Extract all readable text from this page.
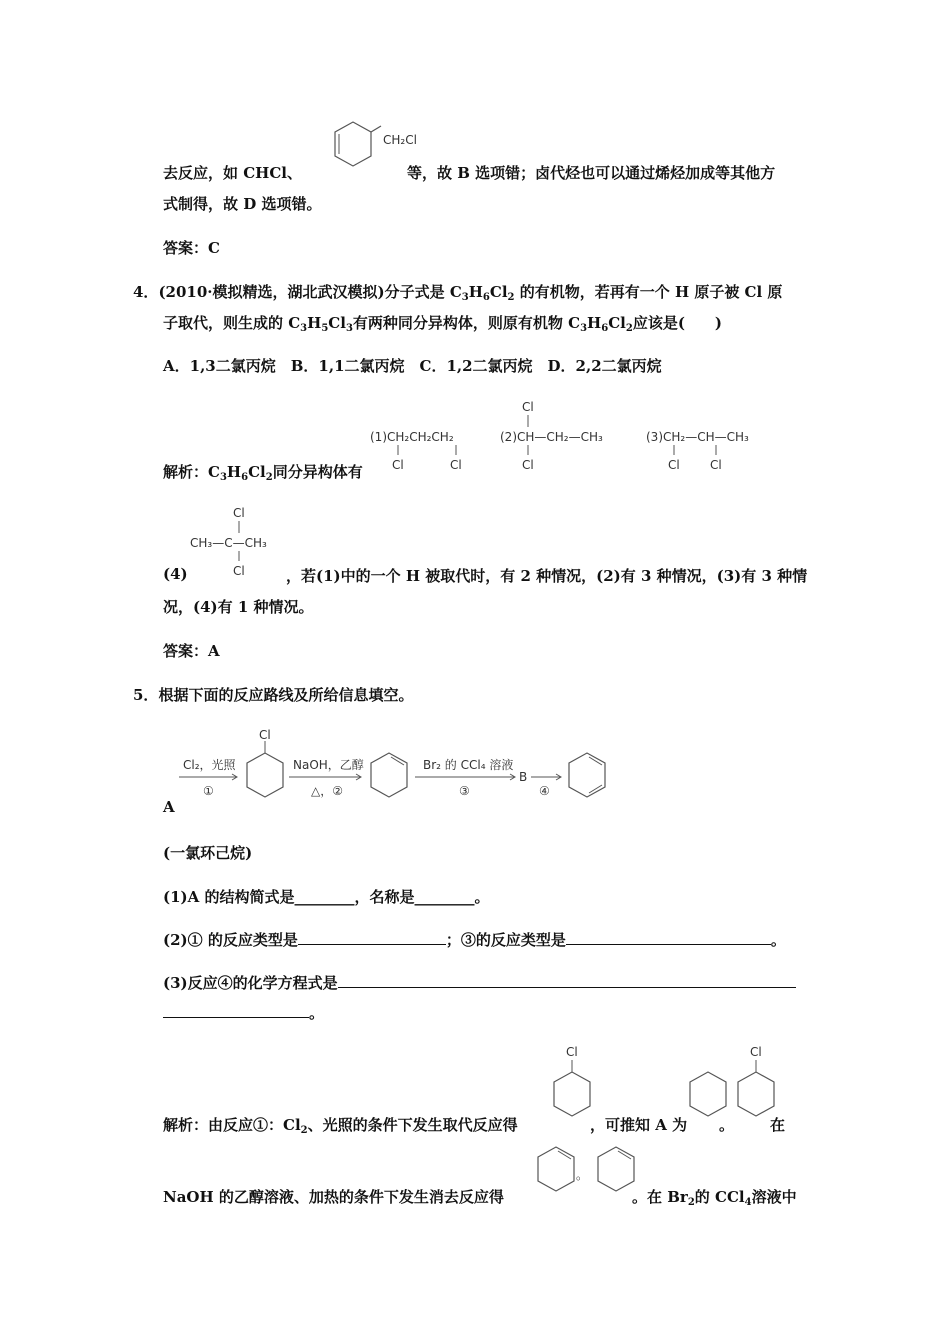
CH₂Cl
去反应，如 CHCl、	等，故 B 选项错；卤代烃也可以通过烯烃加成等其他方
式制得，故 D 选项错。
答案：C
4．(2010·模拟精选，湖北武汉模拟)分子式是 $C_3H_6Cl_2$ 的有机物，若再有一个 H 原子被 Cl 原
子取代，则生成的 $C_3H_5Cl_3$有两种同分异构体，则原有机物 $C_3H_6Cl_2$应该是(　　)
A．1,3二氯丙烷　B．1,1二氯丙烷　C．1,2二氯丙烷　D．2,2二氯丙烷
(1)CH₂CH₂CH₂
Cl	Cl
Cl
(2)CH—CH₂—CH₃
Cl
(3)CH₂—CH—CH₃
Cl	Cl
解析：$C_3H_6Cl_2$同分异构体有
Cl
CH₃—C—CH₃
Cl
(4)	，若(1)中的一个 H 被取代时，有 2 种情况，(2)有 3 种情况，(3)有 3 种情
况，(4)有 1 种情况。
答案：A
5．根据下面的反应路线及所给信息填空。
Cl₂，光照
①
Cl
NaOH，乙醇
△，②
Br₂ 的 CCl₄ 溶液
③
B
④
A
(一氯环己烷)
(1)A 的结构简式是________，名称是________。
(2)① 的反应类型是	；③的反应类型是	。
(3)反应④的化学方程式是
。
Cl	Cl
解析：由反应①：$Cl_2$、光照的条件下发生取代反应得	，可推知 A 为 。 在
NaOH 的乙醇溶液、加热的条件下发生消去反应得
。
。在 $Br_2$的 CCl$_4$溶液中
